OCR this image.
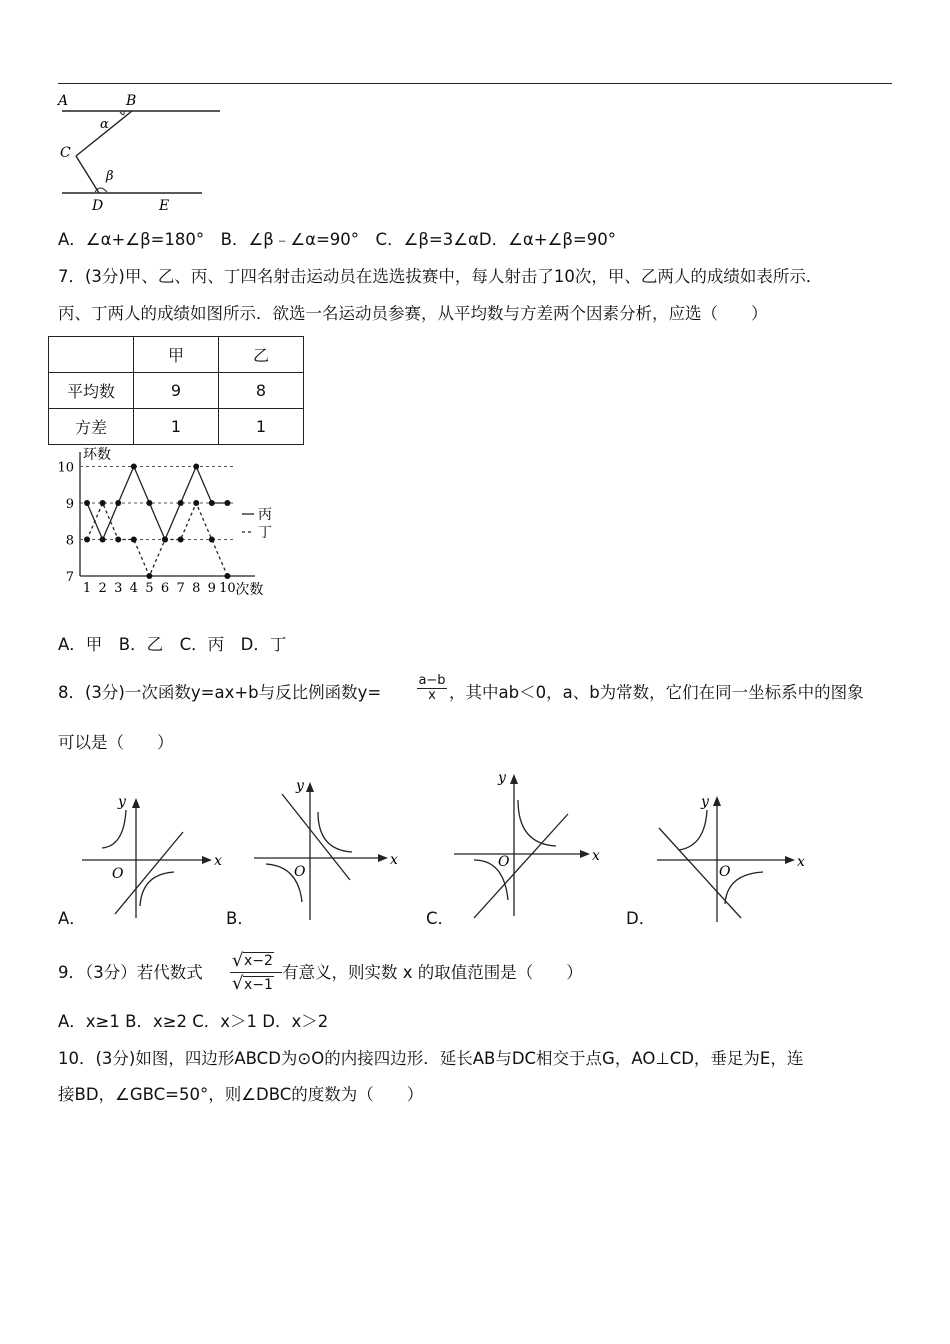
A	B
α
C
β
D	E
A．∠α+∠β=180°　B．∠β﹣∠α=90°　C．∠β=3∠αD．∠α+∠β=90°
7．(3分)甲、乙、丙、丁四名射击运动员在选选拔赛中，每人射击了10次，甲、乙两人的成绩如表所示．
丙、丁两人的成绩如图所示．欲选一名运动员参赛，从平均数与方差两个因素分析，应选（　　）
	甲	乙
平均数	9	8
方差	1	1
7
8
9
10
1 2 3 4 5 6 7 8 9 10
环数
次数
丙
丁
A．甲　B．乙　C．丙　D．丁
8．(3分)一次函数y=ax+b与反比例函数y=	$\frac{a-b}{x}$ ，其中ab＜0，a、b为常数，它们在同一坐标系中的图象
可以是（　　）
x
y
O
A．
x
y
O
B．
x
y
O
C．
x
y
O
D．
9．（3分）若代数式
√ x−2
√ x−1
有意义，则实数 x 的取值范围是（　　）
A．x≥1 B．x≥2 C．x＞1 D．x＞2
10．(3分)如图，四边形ABCD为⊙O的内接四边形．延长AB与DC相交于点G，AO⊥CD，垂足为E，连
接BD，∠GBC=50°，则∠DBC的度数为（　　）
